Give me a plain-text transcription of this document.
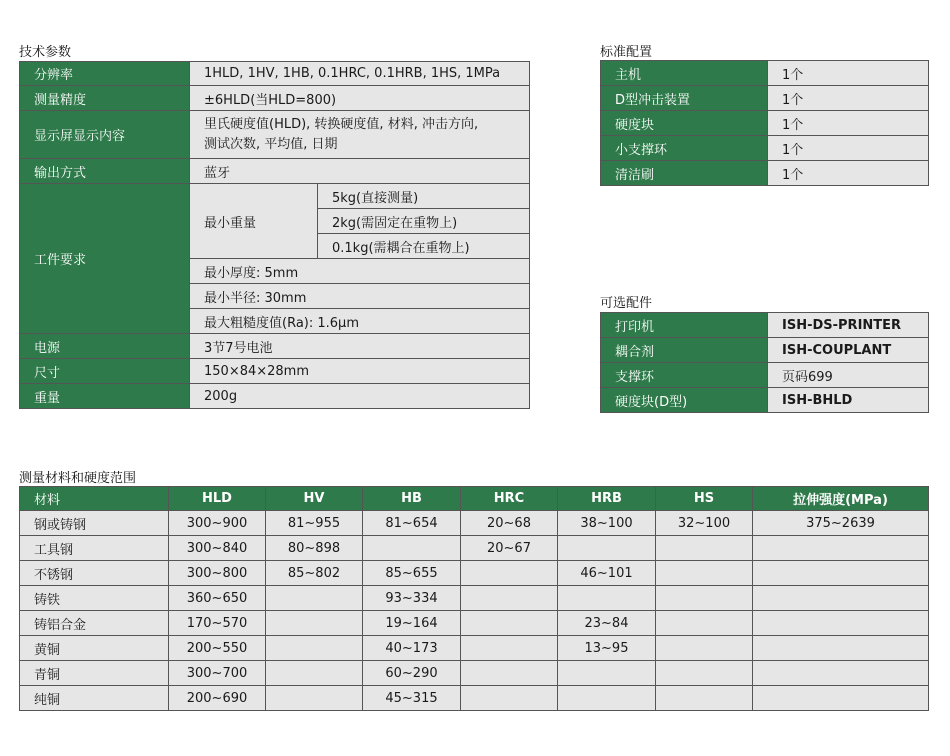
技术参数
分辨率	1HLD, 1HV, 1HB, 0.1HRC, 0.1HRB, 1HS, 1MPa	
测量精度	±6HLD(当HLD=800)	
显示屏显示内容	里氏硬度值(HLD), 转换硬度值, 材料, 冲击方向,
测试次数, 平均值, 日期	

输出方式	蓝牙	
工件要求	最小重量	5kg(直接测量)
		2kg(需固定在重物上)
		0.1kg(需耦合在重物上)
	最小厚度: 5mm	
	最小半径: 30mm	
	最大粗糙度值(Ra): 1.6μm	
电源	3节7号电池	
尺寸	150×84×28mm	
重量	200g	
标准配置
主机	1个
D型冲击装置	1个
硬度块	1个
小支撑环	1个
清洁刷	1个
可选配件
打印机	ISH-DS-PRINTER
耦合剂	ISH-COUPLANT
支撑环	页码699
硬度块(D型)	ISH-BHLD
测量材料和硬度范围
材料	HLD	HV	HB	HRC	HRB	HS	拉伸强度(MPa)
钢或铸钢	300~900	81~955	81~654	20~68	38~100	32~100	375~2639
工具钢	300~840	80~898		20~67			
不锈钢	300~800	85~802	85~655		46~101		
铸铁	360~650		93~334				
铸铝合金	170~570		19~164		23~84		
黄铜	200~550		40~173		13~95		
青铜	300~700		60~290				
纯铜	200~690		45~315				
